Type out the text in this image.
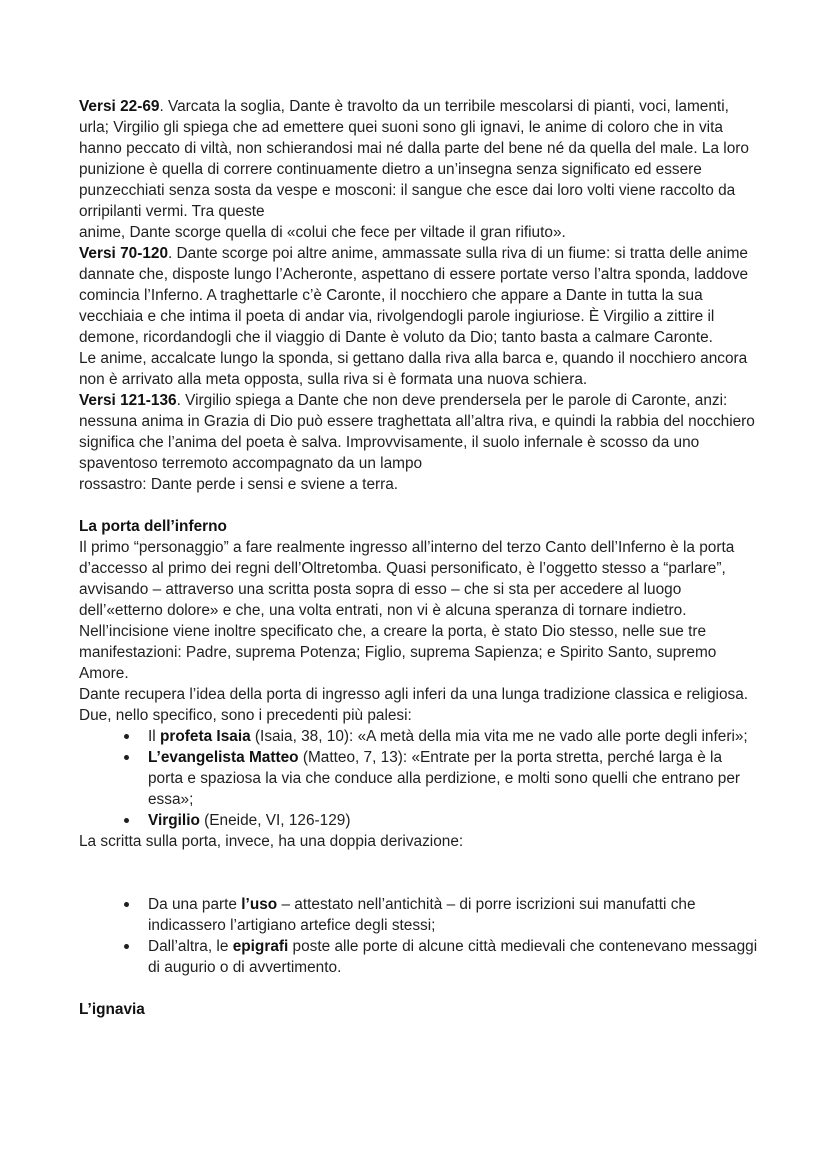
Versi 22-69. Varcata la soglia, Dante è travolto da un terribile mescolarsi di pianti, voci, lamenti, urla; Virgilio gli spiega che ad emettere quei suoni sono gli ignavi, le anime di coloro che in vita hanno peccato di viltà, non schierandosi mai né dalla parte del bene né da quella del male. La loro punizione è quella di correre continuamente dietro a un’insegna senza significato ed essere punzecchiati senza sosta da vespe e mosconi: il sangue che esce dai loro volti viene raccolto da orripilanti vermi. Tra queste

anime, Dante scorge quella di «colui che fece per viltade il gran rifiuto».

Versi 70-120. Dante scorge poi altre anime, ammassate sulla riva di un fiume: si tratta delle anime dannate che, disposte lungo l’Acheronte, aspettano di essere portate verso l’altra sponda, laddove comincia l’Inferno. A traghettarle c’è Caronte, il nocchiero che appare a Dante in tutta la sua vecchiaia e che intima il poeta di andar via, rivolgendogli parole ingiuriose. È Virgilio a zittire il demone, ricordandogli che il viaggio di Dante è voluto da Dio; tanto basta a calmare Caronte.

Le anime, accalcate lungo la sponda, si gettano dalla riva alla barca e, quando il nocchiero ancora non è arrivato alla meta opposta, sulla riva si è formata una nuova schiera.

Versi 121-136. Virgilio spiega a Dante che non deve prendersela per le parole di Caronte, anzi: nessuna anima in Grazia di Dio può essere traghettata all’altra riva, e quindi la rabbia del nocchiero significa che l’anima del poeta è salva. Improvvisamente, il suolo infernale è scosso da uno spaventoso terremoto accompagnato da un lampo

rossastro: Dante perde i sensi e sviene a terra.

La porta dell’inferno

Il primo “personaggio” a fare realmente ingresso all’interno del terzo Canto dell’Inferno è la porta d’accesso al primo dei regni dell’Oltretomba. Quasi personificato, è l’oggetto stesso a “parlare”, avvisando – attraverso una scritta posta sopra di esso – che si sta per accedere al luogo dell’«etterno dolore» e che, una volta entrati, non vi è alcuna speranza di tornare indietro. Nell’incisione viene inoltre specificato che, a creare la porta, è stato Dio stesso, nelle sue tre manifestazioni: Padre, suprema Potenza; Figlio, suprema Sapienza; e Spirito Santo, supremo Amore.

Dante recupera l’idea della porta di ingresso agli inferi da una lunga tradizione classica e religiosa. Due, nello specifico, sono i precedenti più palesi:

Il profeta Isaia (Isaia, 38, 10): «A metà della mia vita me ne vado alle porte degli inferi»;
L’evangelista Matteo (Matteo, 7, 13): «Entrate per la porta stretta, perché larga è la porta e spaziosa la via che conduce alla perdizione, e molti sono quelli che entrano per essa»;
Virgilio (Eneide, VI, 126-129)

La scritta sulla porta, invece, ha una doppia derivazione:

Da una parte l’uso – attestato nell’antichità – di porre iscrizioni sui manufatti che indicassero l’artigiano artefice degli stessi;
Dall’altra, le epigrafi poste alle porte di alcune città medievali che contenevano messaggi di augurio o di avvertimento.

L’ignavia
